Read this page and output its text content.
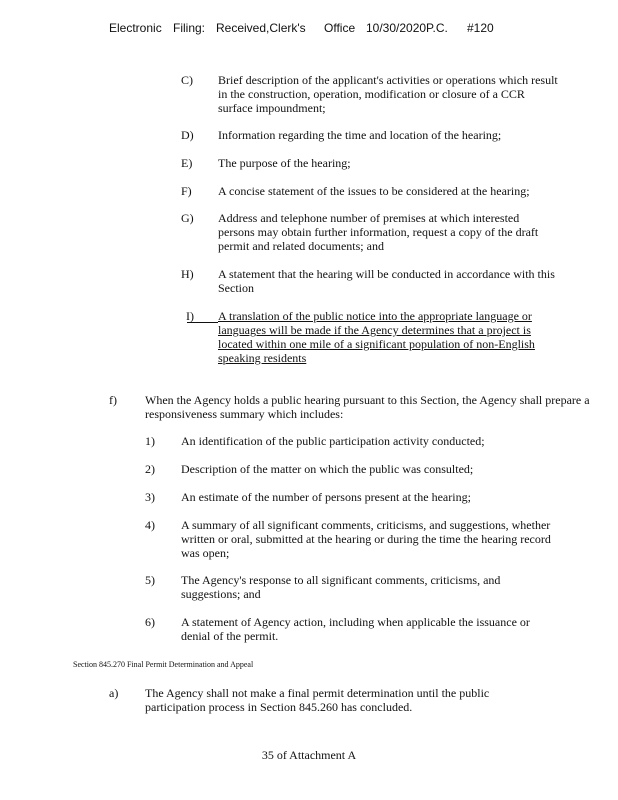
Electronic Filing: Received,Clerk's Office 10/30/2020P.C. #120
C) Brief description of the applicant's activities or operations which result in the construction, operation, modification or closure of a CCR surface impoundment;
D) Information regarding the time and location of the hearing;
E) The purpose of the hearing;
F) A concise statement of the issues to be considered at the hearing;
G) Address and telephone number of premises at which interested persons may obtain further information, request a copy of the draft permit and related documents; and
H) A statement that the hearing will be conducted in accordance with this Section
I) A translation of the public notice into the appropriate language or languages will be made if the Agency determines that a project is located within one mile of a significant population of non-English speaking residents
f) When the Agency holds a public hearing pursuant to this Section, the Agency shall prepare a responsiveness summary which includes:
1) An identification of the public participation activity conducted;
2) Description of the matter on which the public was consulted;
3) An estimate of the number of persons present at the hearing;
4) A summary of all significant comments, criticisms, and suggestions, whether written or oral, submitted at the hearing or during the time the hearing record was open;
5) The Agency's response to all significant comments, criticisms, and suggestions; and
6) A statement of Agency action, including when applicable the issuance or denial of the permit.
Section 845.270 Final Permit Determination and Appeal
a) The Agency shall not make a final permit determination until the public participation process in Section 845.260 has concluded.
35 of Attachment A
